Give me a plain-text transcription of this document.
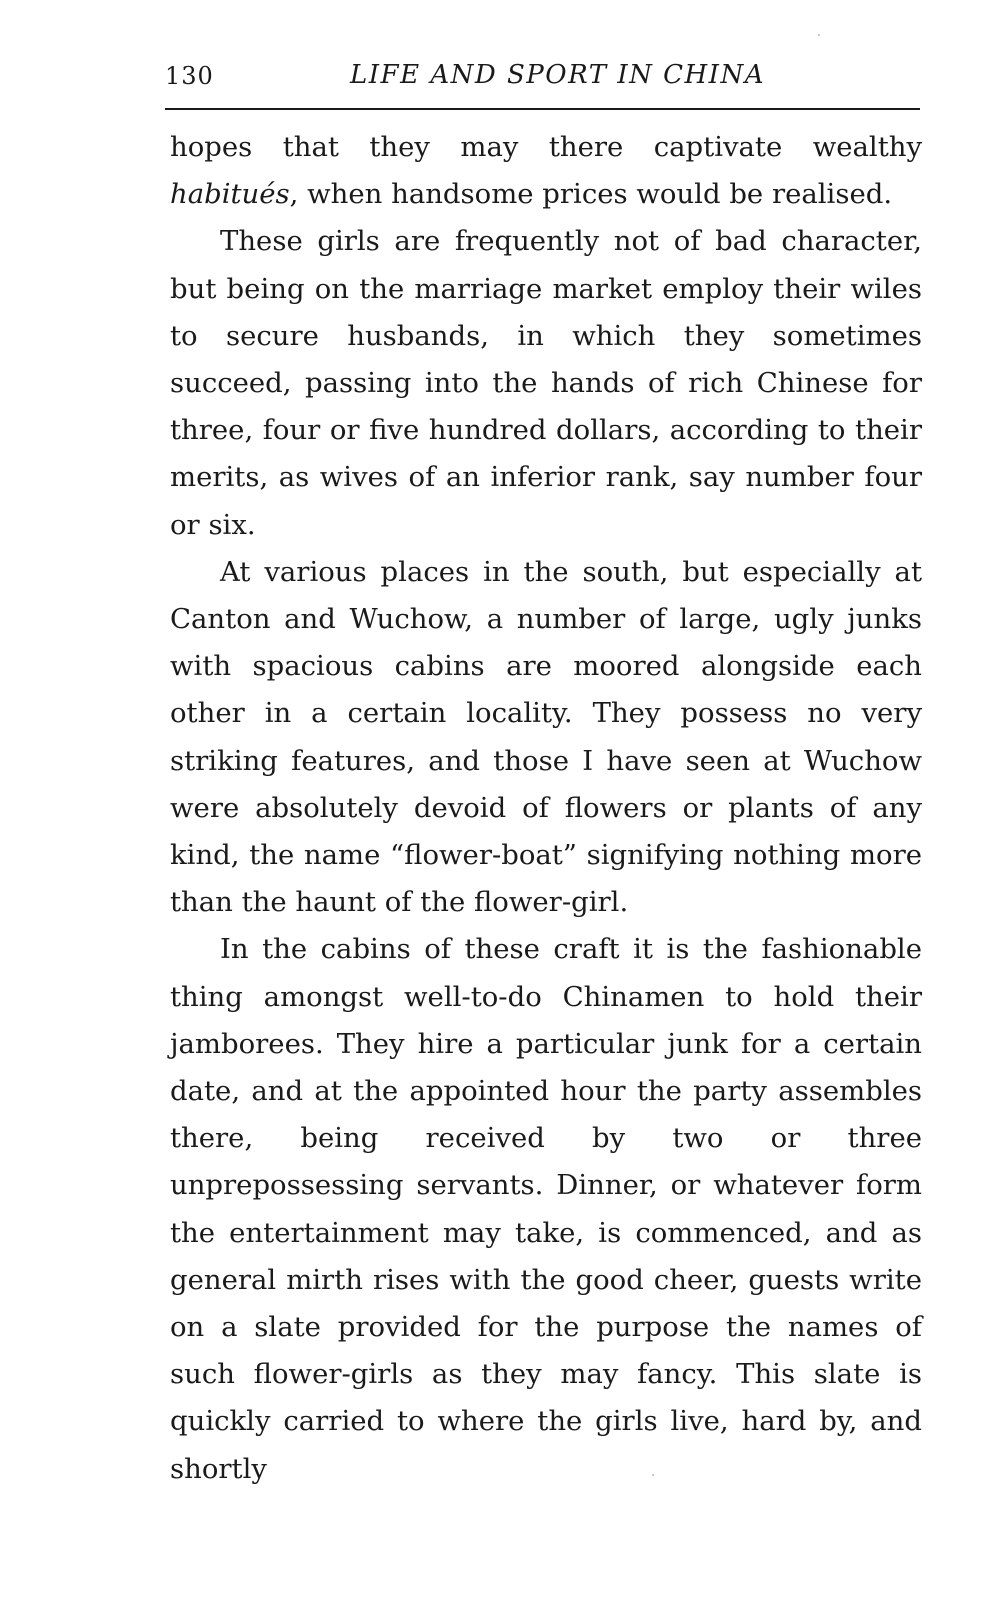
130	LIFE AND SPORT IN CHINA

hopes that they may there captivate wealthy habitués, when handsome prices would be realised.

These girls are frequently not of bad character, but being on the marriage market employ their wiles to secure husbands, in which they sometimes succeed, passing into the hands of rich Chinese for three, four or five hundred dollars, according to their merits, as wives of an inferior rank, say number four or six.

At various places in the south, but especially at Canton and Wuchow, a number of large, ugly junks with spacious cabins are moored alongside each other in a certain locality. They possess no very striking features, and those I have seen at Wuchow were absolutely devoid of flowers or plants of any kind, the name “flower-boat” signifying nothing more than the haunt of the flower-girl.

In the cabins of these craft it is the fashionable thing amongst well-to-do Chinamen to hold their jamborees. They hire a particular junk for a certain date, and at the appointed hour the party assembles there, being received by two or three unprepossessing servants. Dinner, or whatever form the entertainment may take, is commenced, and as general mirth rises with the good cheer, guests write on a slate provided for the purpose the names of such flower-girls as they may fancy. This slate is quickly carried to where the girls live, hard by, and shortly
